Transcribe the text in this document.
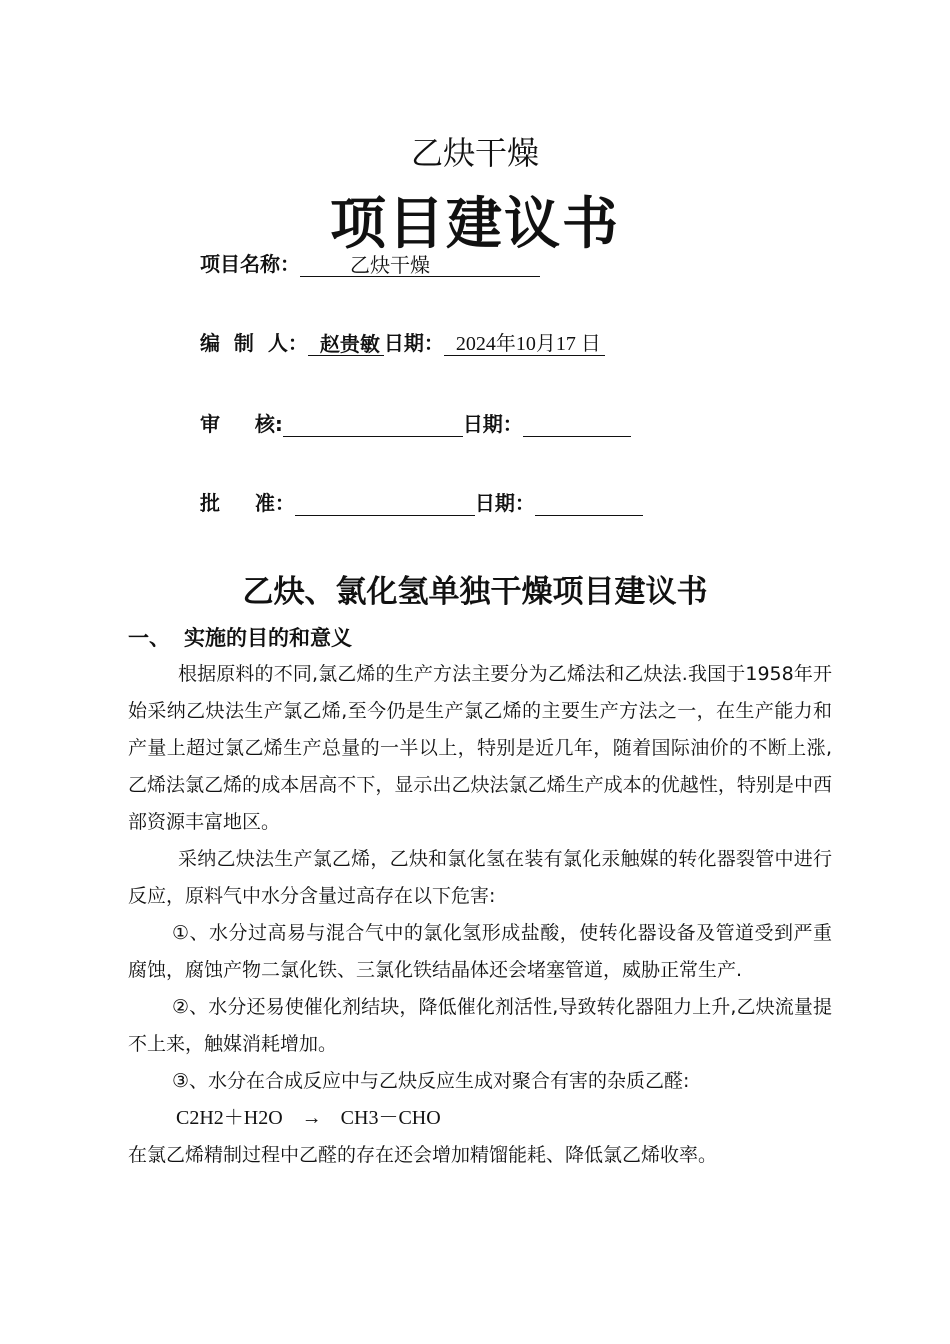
乙炔干燥
项目建议书
项目名称：	乙炔干燥
编  制  人： 赵贵敏 日期： 2024年10月17 日
审     核:	日期：
批     准：	日期：
乙炔、氯化氢单独干燥项目建议书
一、 实施的目的和意义

根据原料的不同,氯乙烯的生产方法主要分为乙烯法和乙炔法.我国于1958年开始采纳乙炔法生产氯乙烯,至今仍是生产氯乙烯的主要生产方法之一，在生产能力和产量上超过氯乙烯生产总量的一半以上，特别是近几年，随着国际油价的不断上涨,乙烯法氯乙烯的成本居高不下，显示出乙炔法氯乙烯生产成本的优越性，特别是中西部资源丰富地区。

采纳乙炔法生产氯乙烯，乙炔和氯化氢在装有氯化汞触媒的转化器裂管中进行反应，原料气中水分含量过高存在以下危害:

①、水分过高易与混合气中的氯化氢形成盐酸，使转化器设备及管道受到严重腐蚀，腐蚀产物二氯化铁、三氯化铁结晶体还会堵塞管道，威胁正常生产.

②、水分还易使催化剂结块，降低催化剂活性,导致转化器阻力上升,乙炔流量提不上来，触媒消耗增加。

③、水分在合成反应中与乙炔反应生成对聚合有害的杂质乙醛:

C2H2＋H2O → CH3－CHO

在氯乙烯精制过程中乙醛的存在还会增加精馏能耗、降低氯乙烯收率。
